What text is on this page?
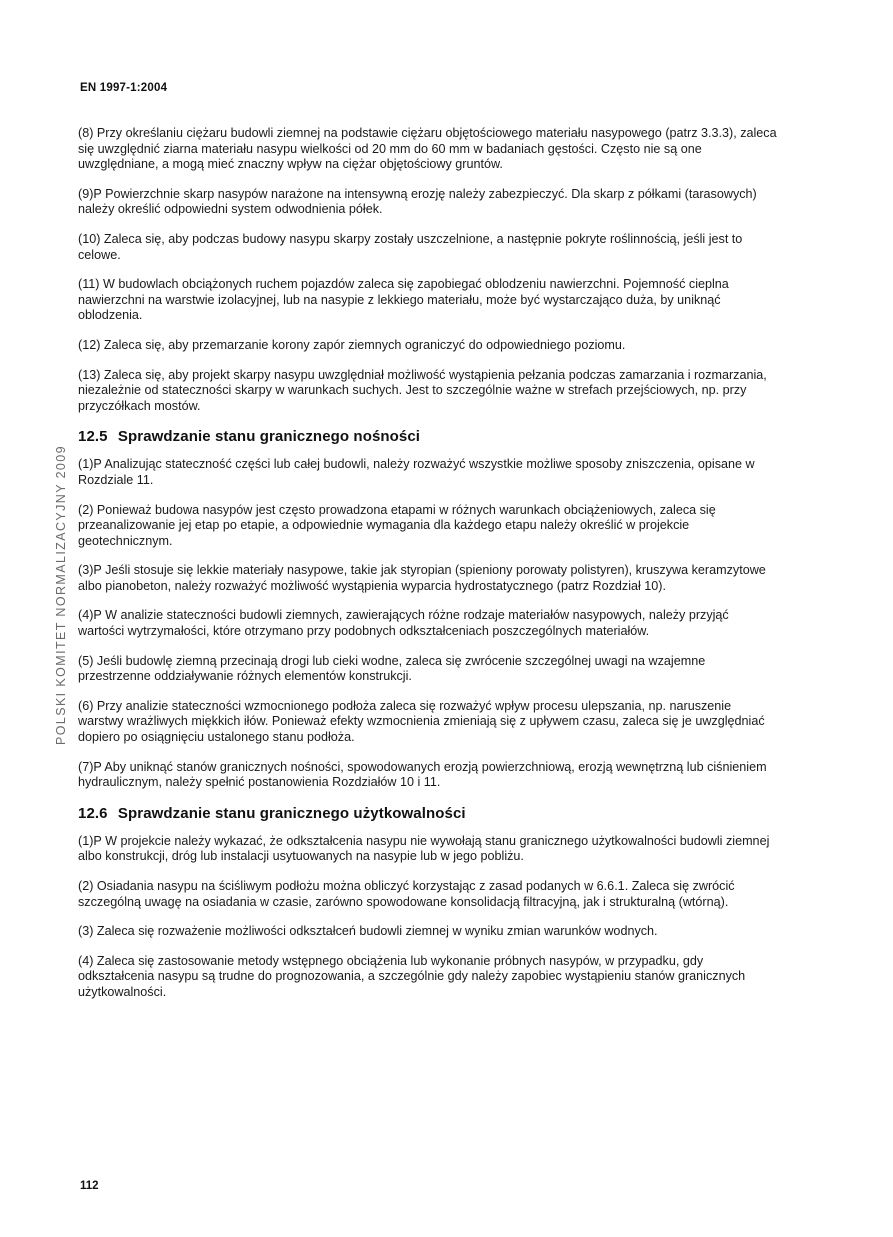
EN 1997-1:2004
POLSKI KOMITET NORMALIZACYJNY 2009

(8) Przy określaniu ciężaru budowli ziemnej na podstawie ciężaru objętościowego materiału nasypowego (patrz 3.3.3), zaleca się uwzględnić ziarna materiału nasypu wielkości od 20 mm do 60 mm w badaniach gęstości. Często nie są one uwzględniane, a mogą mieć znaczny wpływ na ciężar objętościowy gruntów.

(9)P Powierzchnie skarp nasypów narażone na intensywną erozję należy zabezpieczyć. Dla skarp z półkami (tarasowych) należy określić odpowiedni system odwodnienia półek.

(10) Zaleca się, aby podczas budowy nasypu skarpy zostały uszczelnione, a następnie pokryte roślinnością, jeśli jest to celowe.

(11) W budowlach obciążonych ruchem pojazdów zaleca się zapobiegać oblodzeniu nawierzchni. Pojemność cieplna nawierzchni na warstwie izolacyjnej, lub na nasypie z lekkiego materiału, może być wystarczająco duża, by uniknąć oblodzenia.

(12) Zaleca się, aby przemarzanie korony zapór ziemnych ograniczyć do odpowiedniego poziomu.

(13) Zaleca się, aby projekt skarpy nasypu uwzględniał możliwość wystąpienia pełzania podczas zamarzania i rozmarzania, niezależnie od stateczności skarpy w warunkach suchych. Jest to szczególnie ważne w strefach przejściowych, np. przy przyczółkach mostów.

12.5 Sprawdzanie stanu granicznego nośności

(1)P Analizując stateczność części lub całej budowli, należy rozważyć wszystkie możliwe sposoby zniszczenia, opisane w Rozdziale 11.

(2) Ponieważ budowa nasypów jest często prowadzona etapami w różnych warunkach obciążeniowych, zaleca się przeanalizowanie jej etap po etapie, a odpowiednie wymagania dla każdego etapu należy określić w projekcie geotechnicznym.

(3)P Jeśli stosuje się lekkie materiały nasypowe, takie jak styropian (spieniony porowaty polistyren), kruszywa keramzytowe albo pianobeton, należy rozważyć możliwość wystąpienia wyparcia hydrostatycznego (patrz Rozdział 10).

(4)P W analizie stateczności budowli ziemnych, zawierających różne rodzaje materiałów nasypowych, należy przyjąć wartości wytrzymałości, które otrzymano przy podobnych odkształceniach poszczególnych materiałów.

(5) Jeśli budowlę ziemną przecinają drogi lub cieki wodne, zaleca się zwrócenie szczególnej uwagi na wzajemne przestrzenne oddziaływanie różnych elementów konstrukcji.

(6) Przy analizie stateczności wzmocnionego podłoża zaleca się rozważyć wpływ procesu ulepszania, np. naruszenie warstwy wrażliwych miękkich iłów. Ponieważ efekty wzmocnienia zmieniają się z upływem czasu, zaleca się je uwzględniać dopiero po osiągnięciu ustalonego stanu podłoża.

(7)P Aby uniknąć stanów granicznych nośności, spowodowanych erozją powierzchniową, erozją wewnętrzną lub ciśnieniem hydraulicznym, należy spełnić postanowienia Rozdziałów 10 i 11.

12.6 Sprawdzanie stanu granicznego użytkowalności

(1)P W projekcie należy wykazać, że odkształcenia nasypu nie wywołają stanu granicznego użytkowalności budowli ziemnej albo konstrukcji, dróg lub instalacji usytuowanych na nasypie lub w jego pobliżu.

(2) Osiadania nasypu na ściśliwym podłożu można obliczyć korzystając z zasad podanych w 6.6.1. Zaleca się zwrócić szczególną uwagę na osiadania w czasie, zarówno spowodowane konsolidacją filtracyjną, jak i strukturalną (wtórną).

(3) Zaleca się rozważenie możliwości odkształceń budowli ziemnej w wyniku zmian warunków wodnych.

(4) Zaleca się zastosowanie metody wstępnego obciążenia lub wykonanie próbnych nasypów, w przypadku, gdy odkształcenia nasypu są trudne do prognozowania, a szczególnie gdy należy zapobiec wystąpieniu stanów granicznych użytkowalności.

112
